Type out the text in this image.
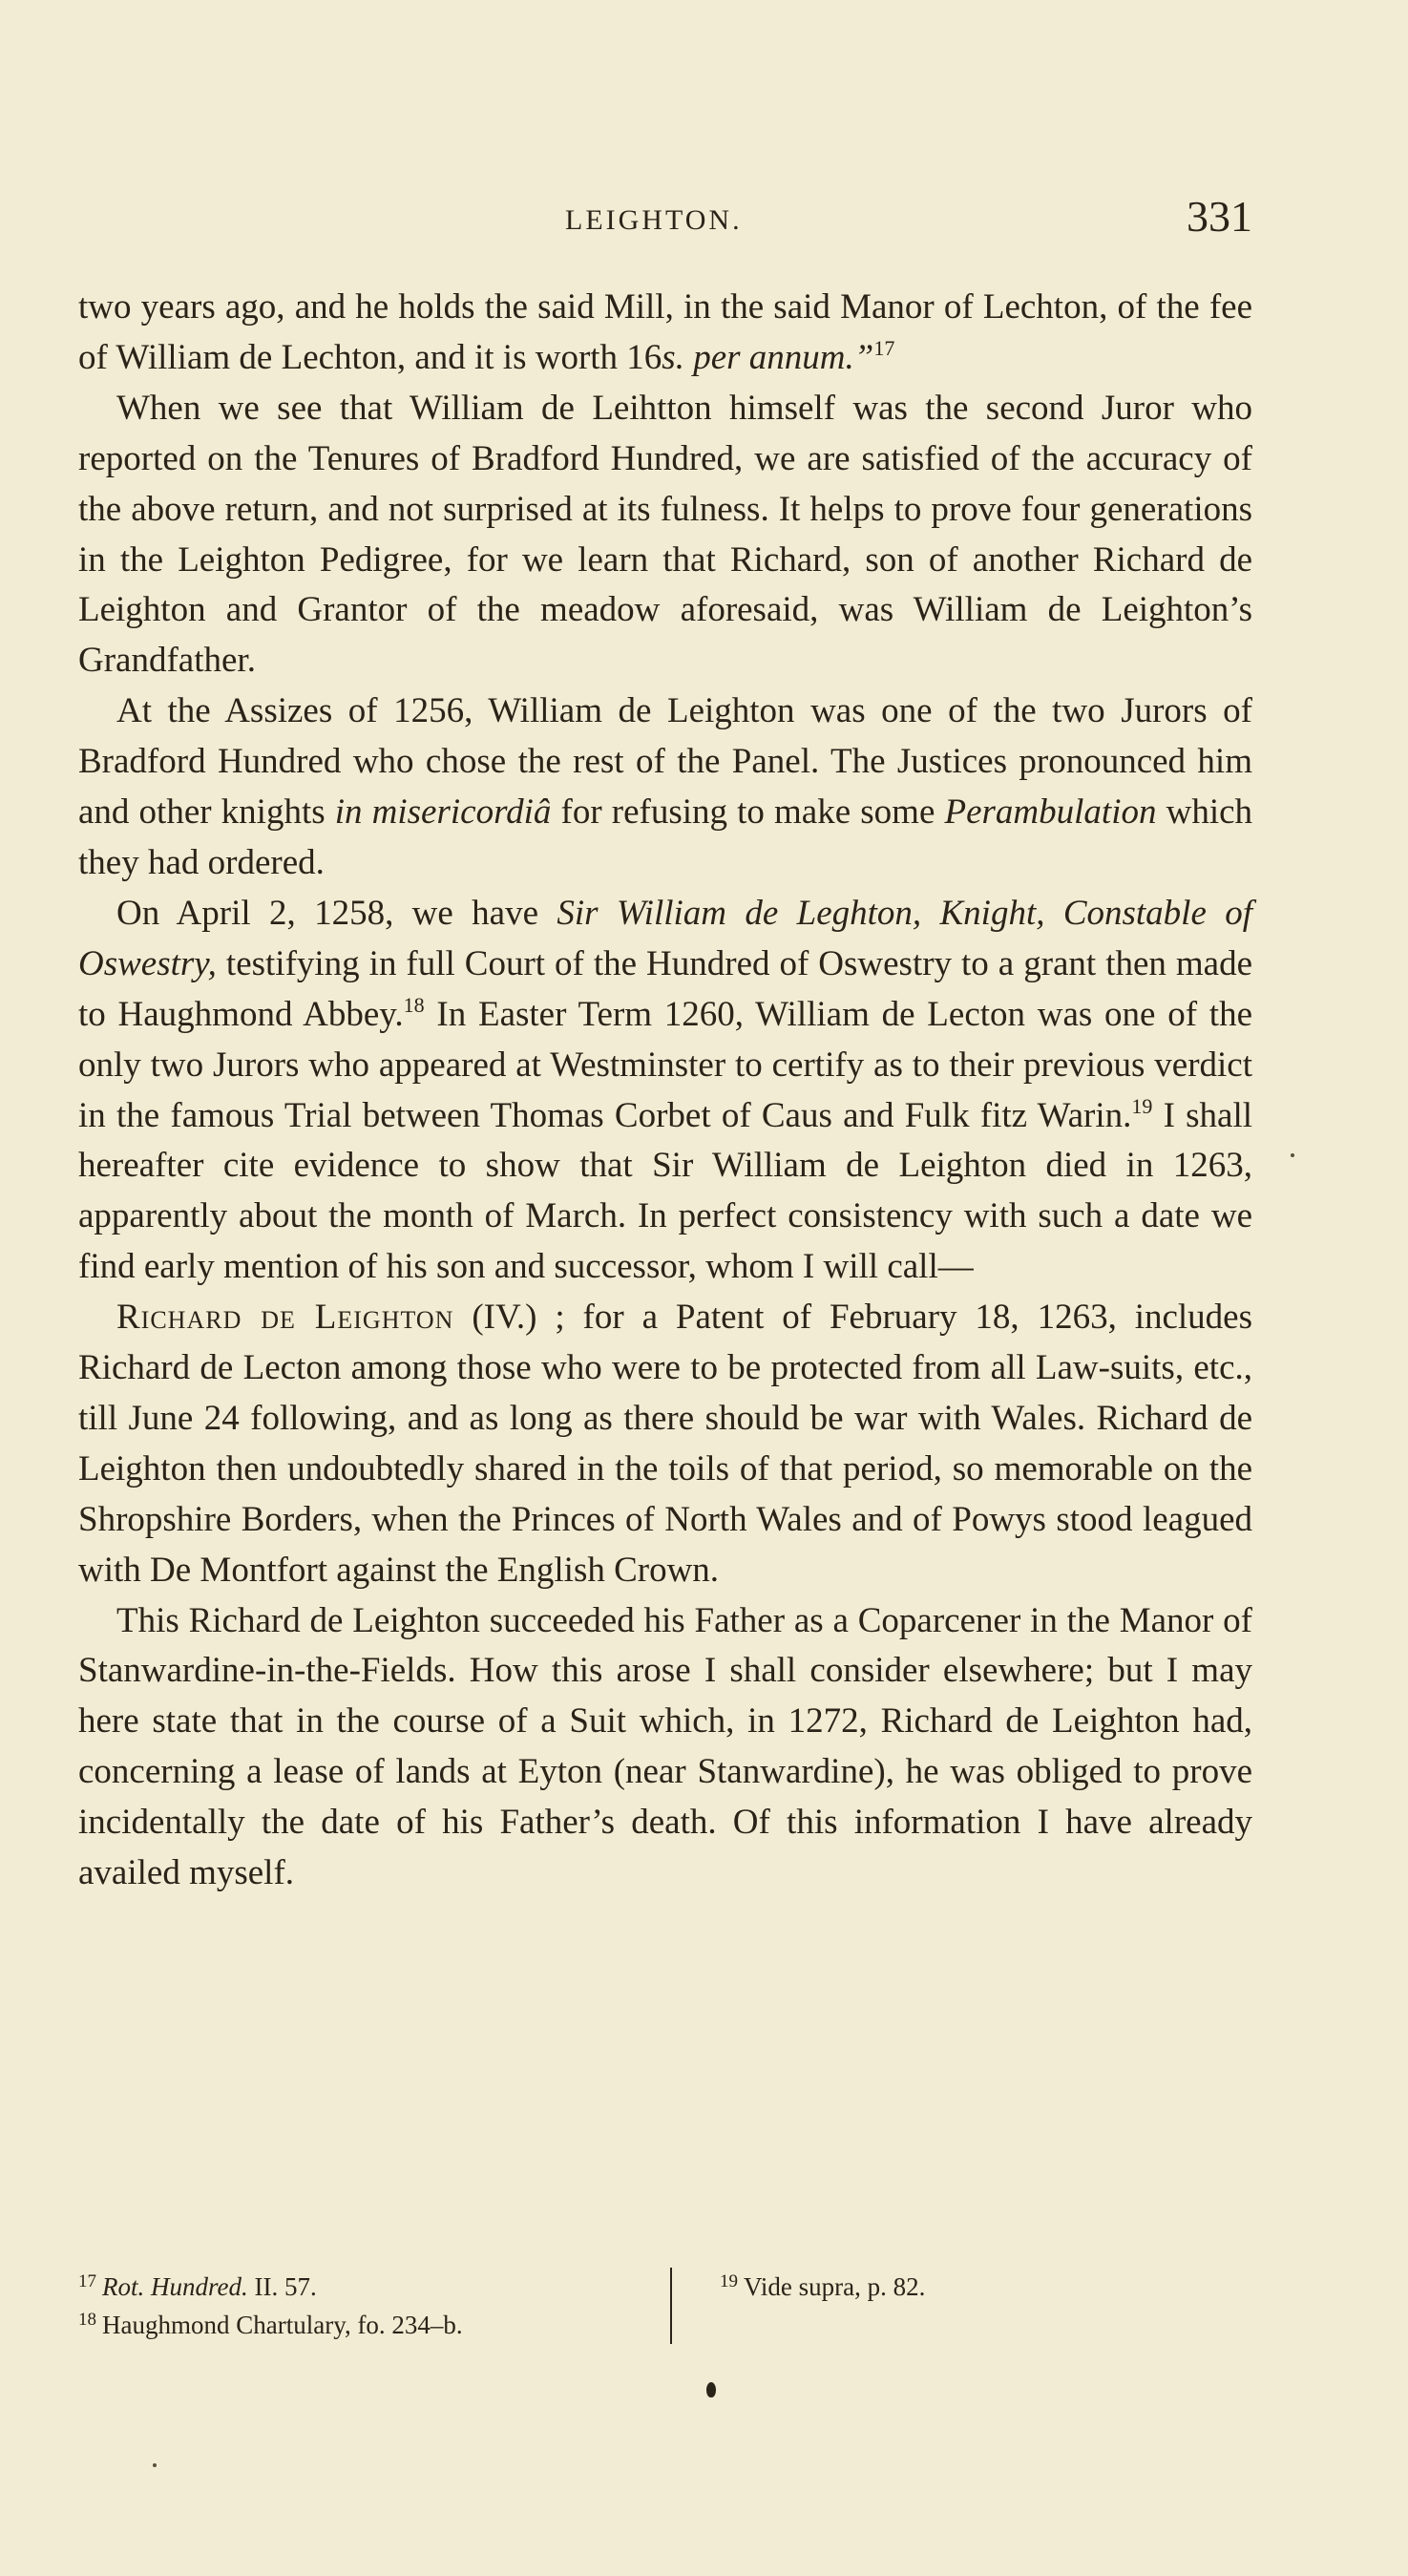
LEIGHTON.	331

two years ago, and he holds the said Mill, in the said Manor of Lechton, of the fee of William de Lechton, and it is worth 16s. per annum.”$^{17}$

When we see that William de Leihtton himself was the second Juror who reported on the Tenures of Bradford Hundred, we are satisfied of the accuracy of the above return, and not surprised at its fulness. It helps to prove four generations in the Leighton Pedigree, for we learn that Richard, son of another Richard de Leighton and Grantor of the meadow aforesaid, was William de Leighton’s Grandfather.

At the Assizes of 1256, William de Leighton was one of the two Jurors of Bradford Hundred who chose the rest of the Panel. The Justices pronounced him and other knights in misericordiâ for refusing to make some Perambulation which they had ordered.

On April 2, 1258, we have Sir William de Leghton, Knight, Constable of Oswestry, testifying in full Court of the Hundred of Oswestry to a grant then made to Haughmond Abbey.$^{18}$ In Easter Term 1260, William de Lecton was one of the only two Jurors who appeared at Westminster to certify as to their previous verdict in the famous Trial between Thomas Corbet of Caus and Fulk fitz Warin.$^{19}$ I shall hereafter cite evidence to show that Sir William de Leighton died in 1263, apparently about the month of March. In perfect consistency with such a date we find early mention of his son and successor, whom I will call—

Richard de Leighton (IV.) ; for a Patent of February 18, 1263, includes Richard de Lecton among those who were to be protected from all Law-suits, etc., till June 24 following, and as long as there should be war with Wales. Richard de Leighton then undoubtedly shared in the toils of that period, so memorable on the Shropshire Borders, when the Princes of North Wales and of Powys stood leagued with De Montfort against the English Crown.

This Richard de Leighton succeeded his Father as a Coparcener in the Manor of Stanwardine-in-the-Fields. How this arose I shall consider elsewhere; but I may here state that in the course of a Suit which, in 1272, Richard de Leighton had, concerning a lease of lands at Eyton (near Stanwardine), he was obliged to prove incidentally the date of his Father’s death. Of this information I have already availed myself.

$^{17}$ Rot. Hundred. II. 57.
$^{18}$ Haughmond Chartulary, fo. 234–b.
$^{19}$ Vide supra, p. 82.
